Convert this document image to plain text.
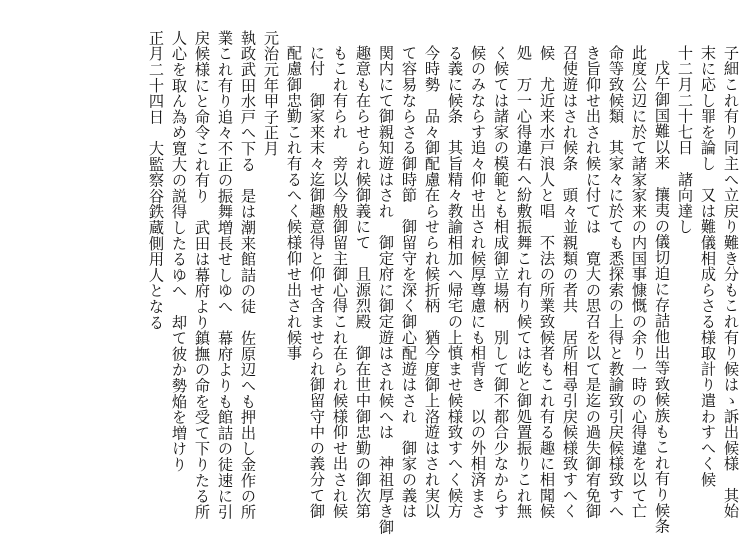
子細これ有り同主へ立戻り難き分もこれ有り候はゝ訴出候様　其始
末に応し罪を論し　又は難儀相成らさる様取計り遣わすへく候
十二月二十七日　諸向達し
戊午御国難以来　攘夷の儀切迫に存詰他出等致候族もこれ有り候条
此度公辺に於て諸家家来の内国事慷慨の余り一時の心得違を以て亡
命等致候類　其家々に於ても悉探索の上得と教諭致引戻候様致すへ
き旨仰せ出され候に付ては　寛大の思召を以て是迄の過失御宥免御
召使遊はされ候条　頭々並親類の者共　居所相尋引戻候様致すへく
候　尤近来水戸浪人と唱　不法の所業致候者もこれ有る趣に相聞候
処　万一心得違右へ紛敷振舞これ有り候ては屹と御処置振りこれ無
く候ては諸家の模範とも相成御立場柄　別して御不都合少なからす
候のみならす追々仰せ出され候厚尊慮にも相背き　以の外相済まさ
る義に候条　其旨精々教諭相加へ帰宅の上慎ませ候様致すへく候方
今時勢　品々御配慮在らせられ候折柄　猶今度御上洛遊はされ実以
て容易ならさる御時節　御留守を深く御心配遊はされ　御家の義は
関内にて御親知遊はされ　御定府に御定遊はされ候へは　神祖厚き御
趣意も在らせられ候御義にて　且源烈殿　御在世中御忠勤の御次第
もこれ有られ　旁以今般御留主御心得これ在られ候様仰せ出され候
に付　御家来末々迄御趣意得と仰せ含ませられ御留守中の義分て御
配慮御忠勤これ有るへく候様仰せ出され候事
元治元年甲子正月
執政武田水戸へ下る　是は潮来館詰の徒　佐原辺へも押出し金作の所
業これ有り追々不正の振舞増長せしゆへ　幕府よりも館詰の徒速に引
戻候様にと命令これ有り　武田は幕府より鎮撫の命を受て下りたる所
人心を取ん為め寛大の説得したるゆへ　却て彼か勢焔を増けり
正月二十四日　大監察谷鉄蔵側用人となる
